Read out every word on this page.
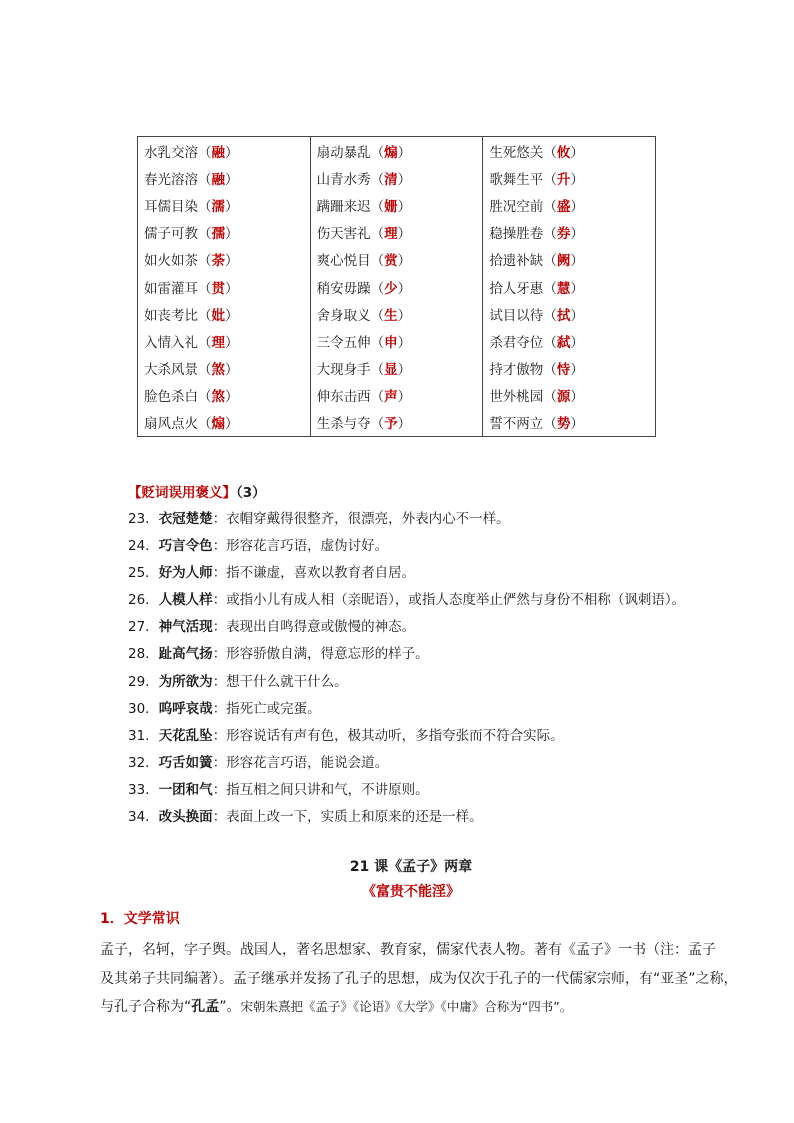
水乳交溶（融）	扇动暴乱（煽）	生死悠关（攸）
春光溶溶（融）	山青水秀（清）	歌舞生平（升）
耳儒目染（濡）	蹒跚来迟（姗）	胜况空前（盛）
儒子可教（孺）	伤天害礼（理）	稳操胜卷（券）
如火如茶（荼）	爽心悦目（赏）	拾遗补缺（阙）
如雷灌耳（贯）	稍安毋躁（少）	拾人牙惠（慧）
如丧考比（妣）	舍身取义（生）	试目以待（拭）
入情入礼（理）	三令五伸（申）	杀君夺位（弑）
大杀风景（煞）	大现身手（显）	持才傲物（恃）
脸色杀白（煞）	伸东击西（声）	世外桃园（源）
扇风点火（煽）	生杀与夺（予）	誓不两立（势）
【贬词误用褒义】（3）
23．衣冠楚楚：衣帽穿戴得很整齐，很漂亮，外表内心不一样。
24．巧言令色：形容花言巧语，虚伪讨好。
25．好为人师：指不谦虚，喜欢以教育者自居。
26．人模人样：或指小儿有成人相（亲昵语），或指人态度举止俨然与身份不相称（讽刺语）。
27．神气活现：表现出自鸣得意或傲慢的神态。
28．趾高气扬：形容骄傲自满，得意忘形的样子。
29．为所欲为：想干什么就干什么。
30．呜呼哀哉：指死亡或完蛋。
31．天花乱坠：形容说话有声有色，极其动听，多指夸张而不符合实际。
32．巧舌如簧：形容花言巧语，能说会道。
33．一团和气：指互相之间只讲和气，不讲原则。
34．改头换面：表面上改一下，实质上和原来的还是一样。
21 课《孟子》两章
《富贵不能淫》
1．文学常识

孟子，名轲，字子舆。战国人，著名思想家、教育家，儒家代表人物。著有《孟子》一书（注：孟子

及其弟子共同编著）。孟子继承并发扬了孔子的思想，成为仅次于孔子的一代儒家宗师，有“亚圣”之称，

与孔子合称为“孔孟”。宋朝朱熹把《孟子》《论语》《大学》《中庸》合称为“四书”。
